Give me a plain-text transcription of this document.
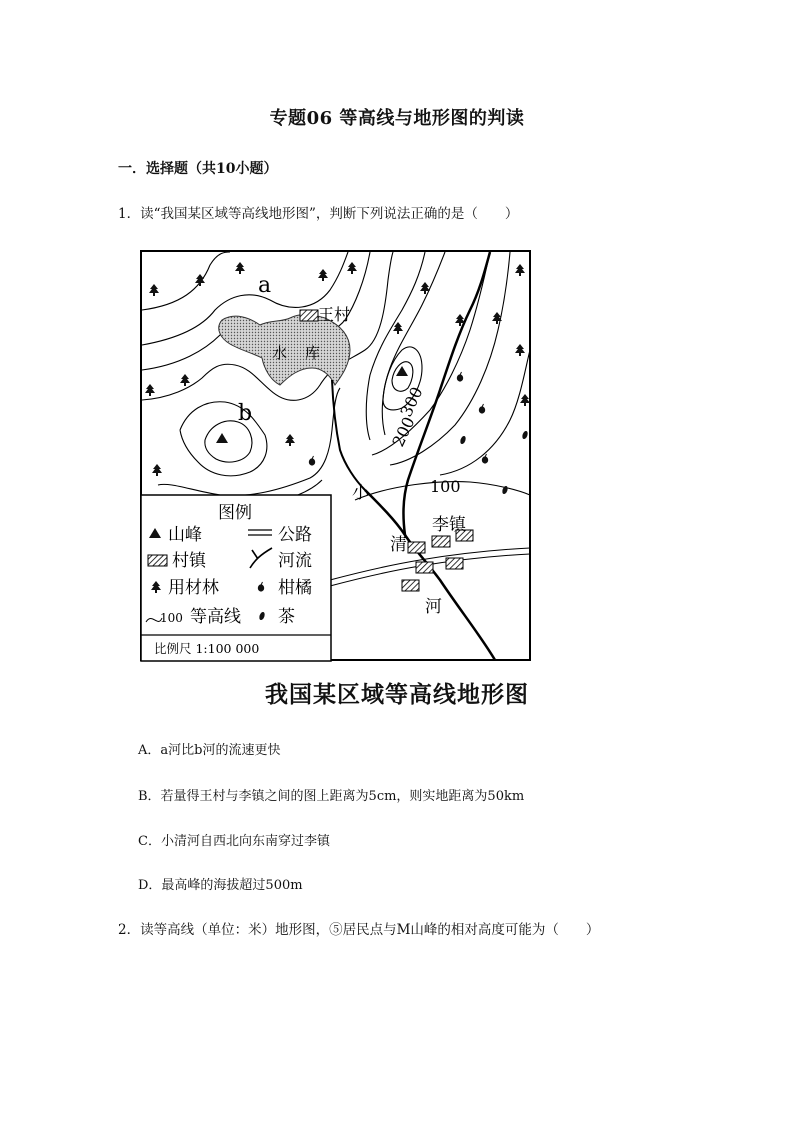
专题06 等高线与地形图的判读
一．选择题（共10小题）
1．读“我国某区域等高线地形图”，判断下列说法正确的是（　　）
a
b
王村
水 库
300
200
100
小
清
河
李镇
图例
山峰	公路
村镇	河流
用材林	柑橘
100 等高线 茶
比例尺 1:100 000
我国某区域等高线地形图
A．a河比b河的流速更快
B．若量得王村与李镇之间的图上距离为5cm，则实地距离为50km
C．小清河自西北向东南穿过李镇
D．最高峰的海拔超过500m
2．读等高线（单位：米）地形图，⑤居民点与M山峰的相对高度可能为（　　）
